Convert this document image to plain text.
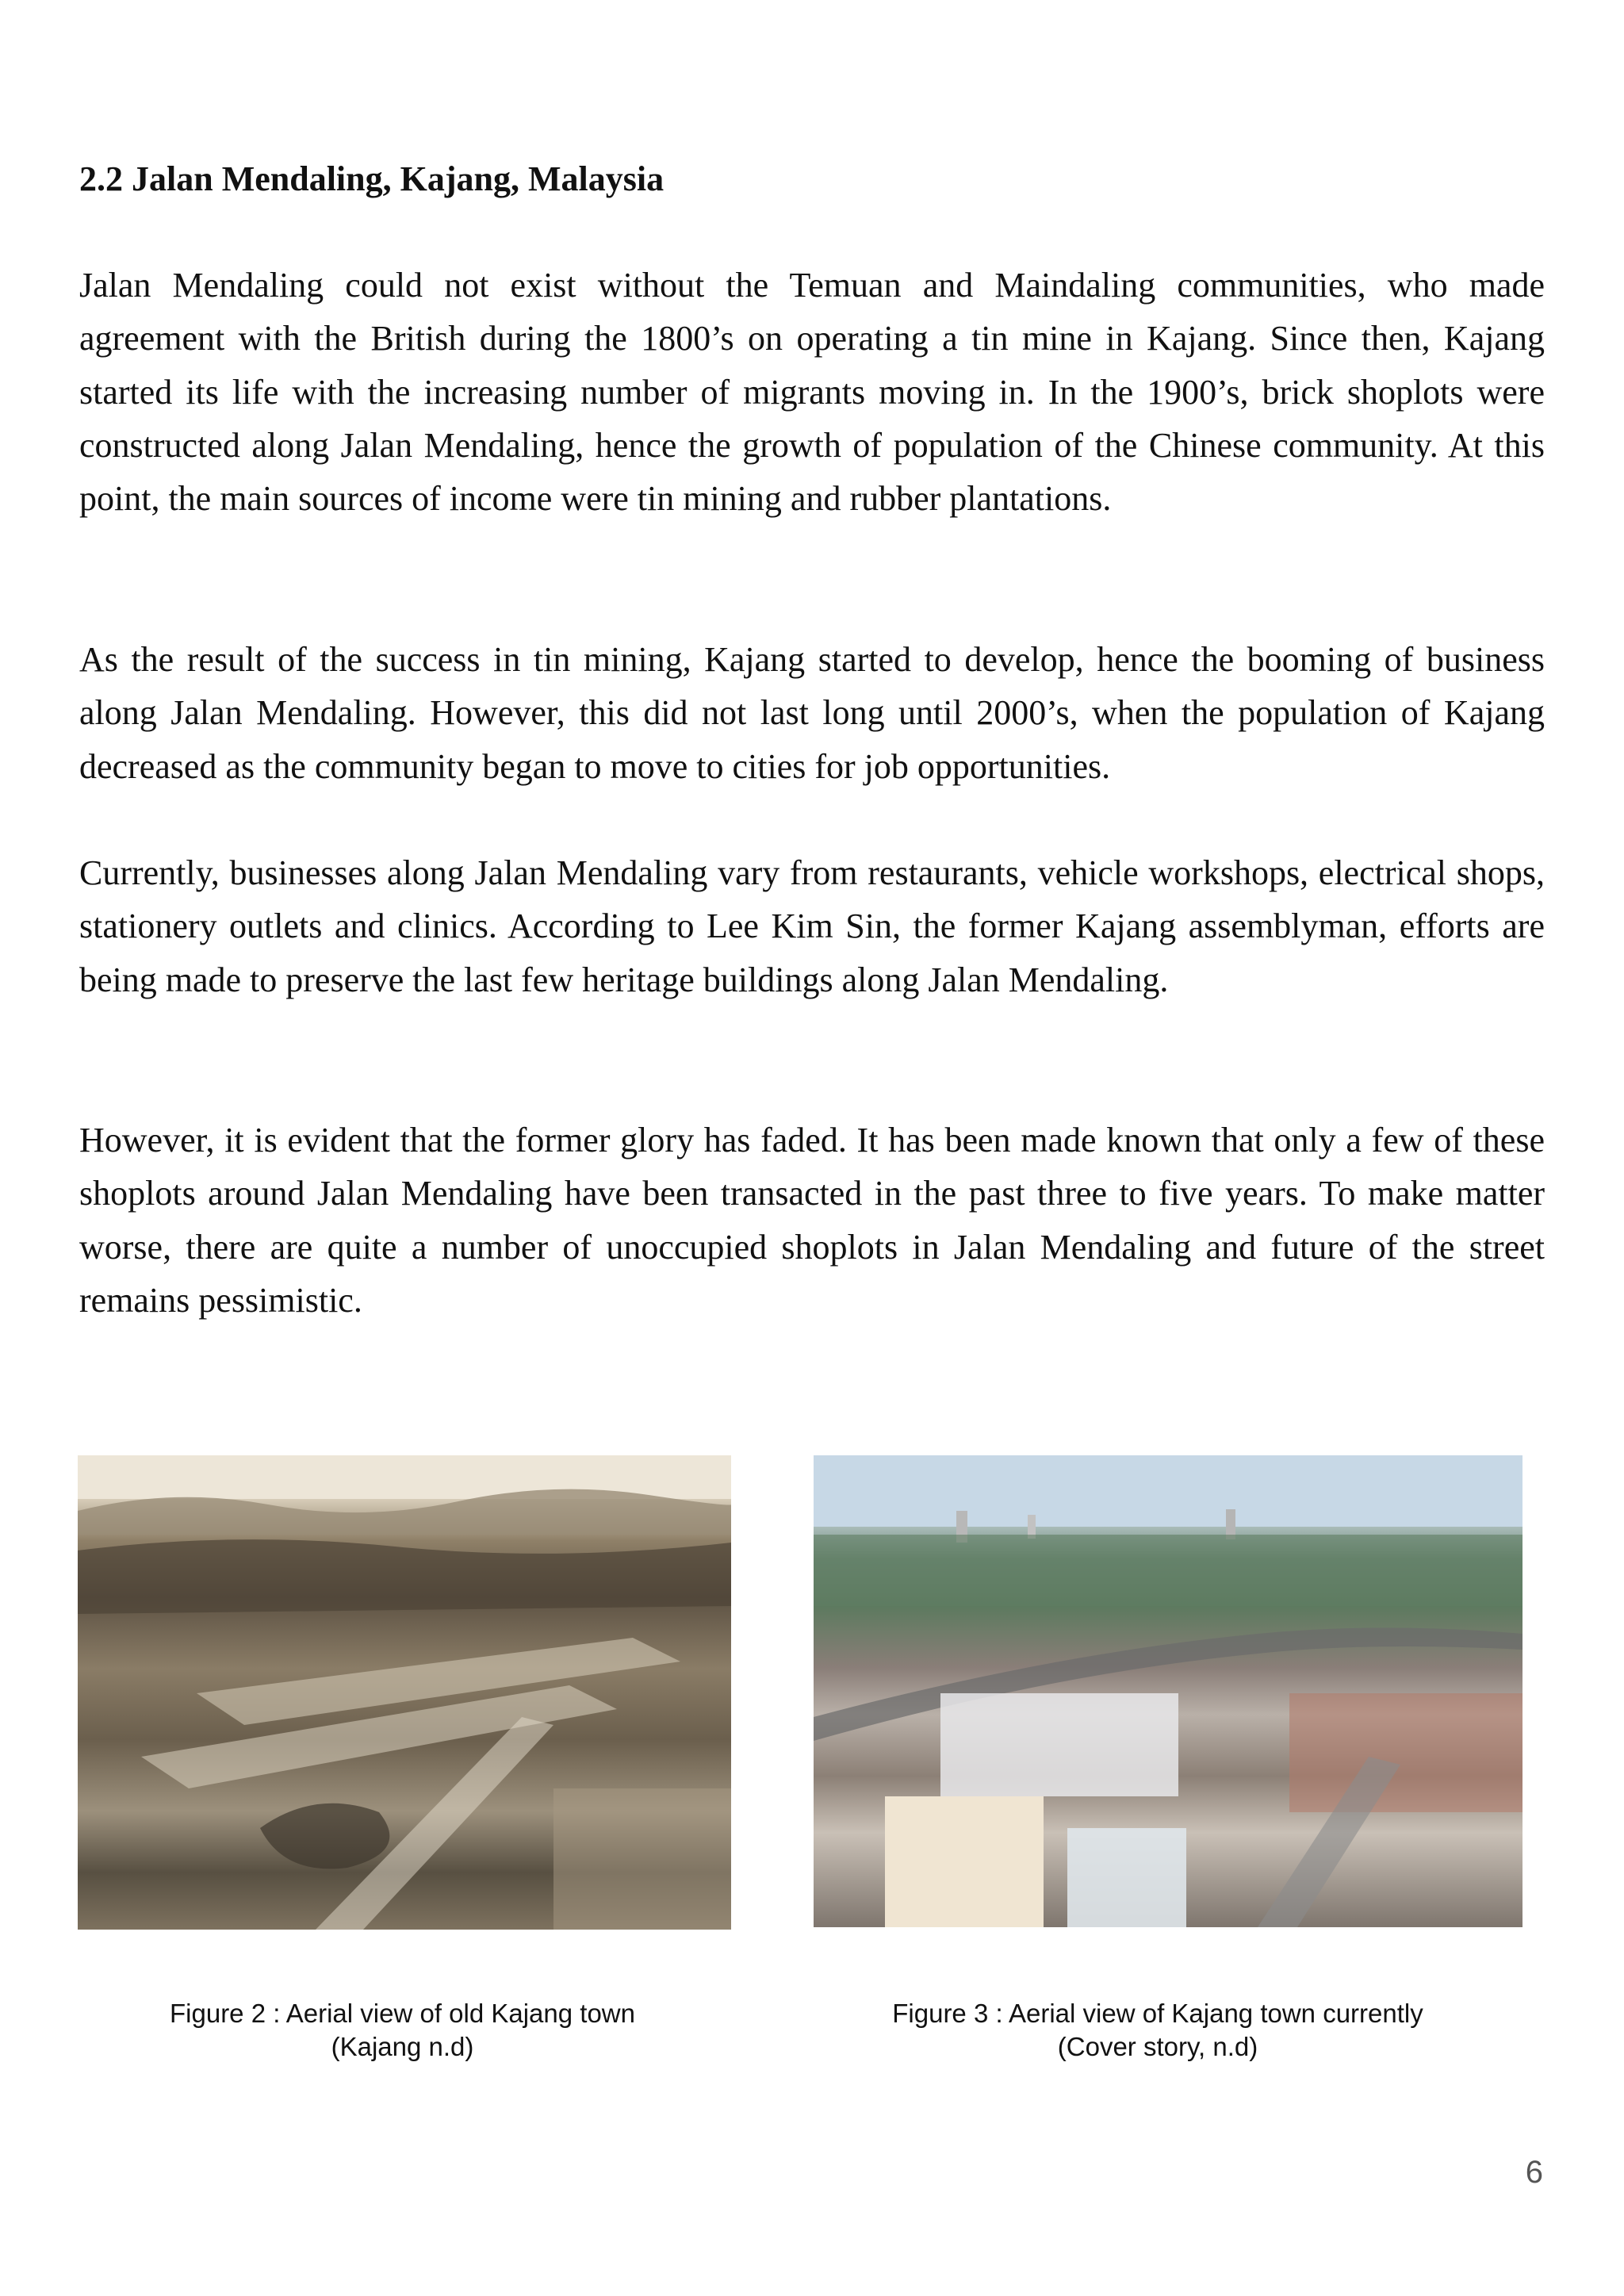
2.2 Jalan Mendaling, Kajang, Malaysia

Jalan Mendaling could not exist without the Temuan and Maindaling communities, who made agreement with the British during the 1800’s on operating a tin mine in Kajang. Since then, Kajang started its life with the increasing number of migrants moving in. In the 1900’s, brick shoplots were constructed along Jalan Mendaling, hence the growth of population of the Chinese community. At this point, the main sources of income were tin mining and rubber plantations.

As the result of the success in tin mining, Kajang started to develop, hence the booming of business along Jalan Mendaling. However, this did not last long until 2000’s, when the population of Kajang decreased as the community began to move to cities for job opportunities.

Currently, businesses along Jalan Mendaling vary from restaurants, vehicle workshops, electrical shops, stationery outlets and clinics. According to Lee Kim Sin, the former Kajang assemblyman, efforts are being made to preserve the last few heritage buildings along Jalan Mendaling.

However, it is evident that the former glory has faded. It has been made known that only a few of these shoplots around Jalan Mendaling have been transacted in the past three to five years. To make matter worse, there are quite a number of unoccupied shoplots in Jalan Mendaling and future of the street remains pessimistic.

Figure 2 : Aerial view of old Kajang town
(Kajang n.d)
Figure 3 : Aerial view of Kajang town currently
(Cover story, n.d)
6
